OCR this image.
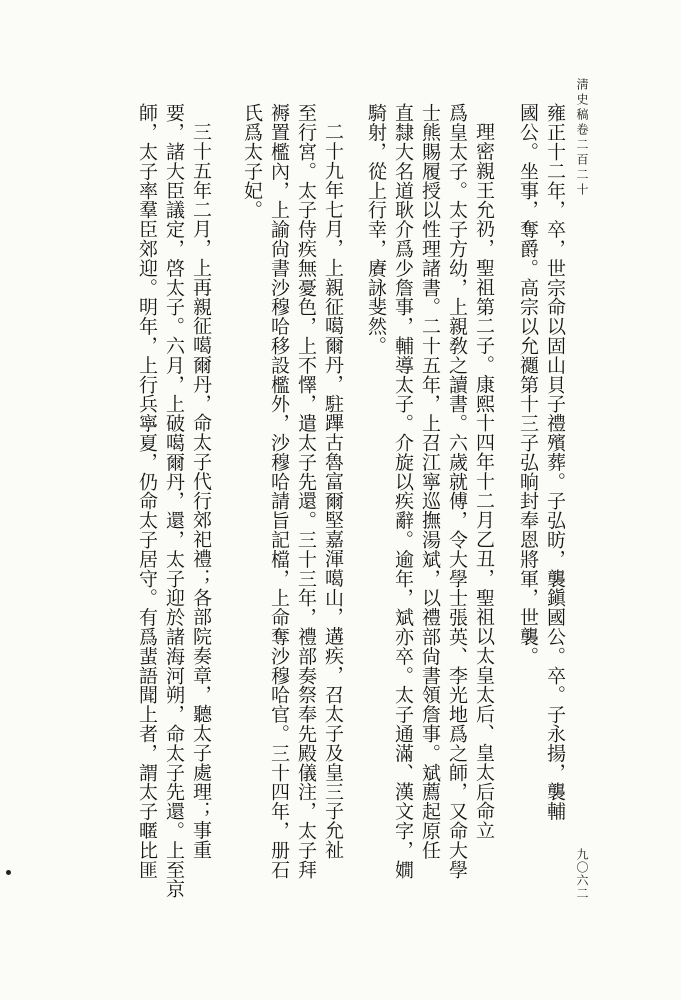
淸史稿卷二百二十
九〇六二
雍正十二年，卒，世宗命以固山貝子禮殯葬。子弘昉，襲鎭國公。卒。子永揚，襲輔
國公。坐事，奪爵。高宗以允禵第十三子弘晌封奉恩將軍，世襲。
理密親王允礽，聖祖第二子。康熙十四年十二月乙丑，聖祖以太皇太后、皇太后命立
爲皇太子。太子方幼，上親敎之讀書。六歲就傅，令大學士張英、李光地爲之師，又命大學
士熊賜履授以性理諸書。二十五年，上召江寧巡撫湯斌，以禮部尙書領詹事。斌薦起原任
直隸大名道耿介爲少詹事，輔導太子。介旋以疾辭。逾年，斌亦卒。太子通滿、漢文字，嫺
騎射，從上行幸，賡詠斐然。
二十九年七月，上親征噶爾丹，駐蹕古魯富爾堅嘉渾噶山，遘疾，召太子及皇三子允祉
至行宮。太子侍疾無憂色，上不懌，遣太子先還。三十三年，禮部奏祭奉先殿儀注，太子拜
褥置檻內，上諭尙書沙穆哈移設檻外，沙穆哈請旨記檔，上命奪沙穆哈官。三十四年，册石
氏爲太子妃。
三十五年二月，上再親征噶爾丹，命太子代行郊祀禮；各部院奏章，聽太子處理；事重
要，諸大臣議定，啓太子。六月，上破噶爾丹，還，太子迎於諸海河朔，命太子先還。上至京
師，太子率羣臣郊迎。明年，上行兵寧夏，仍命太子居守。有爲蜚語聞上者，謂太子暱比匪
